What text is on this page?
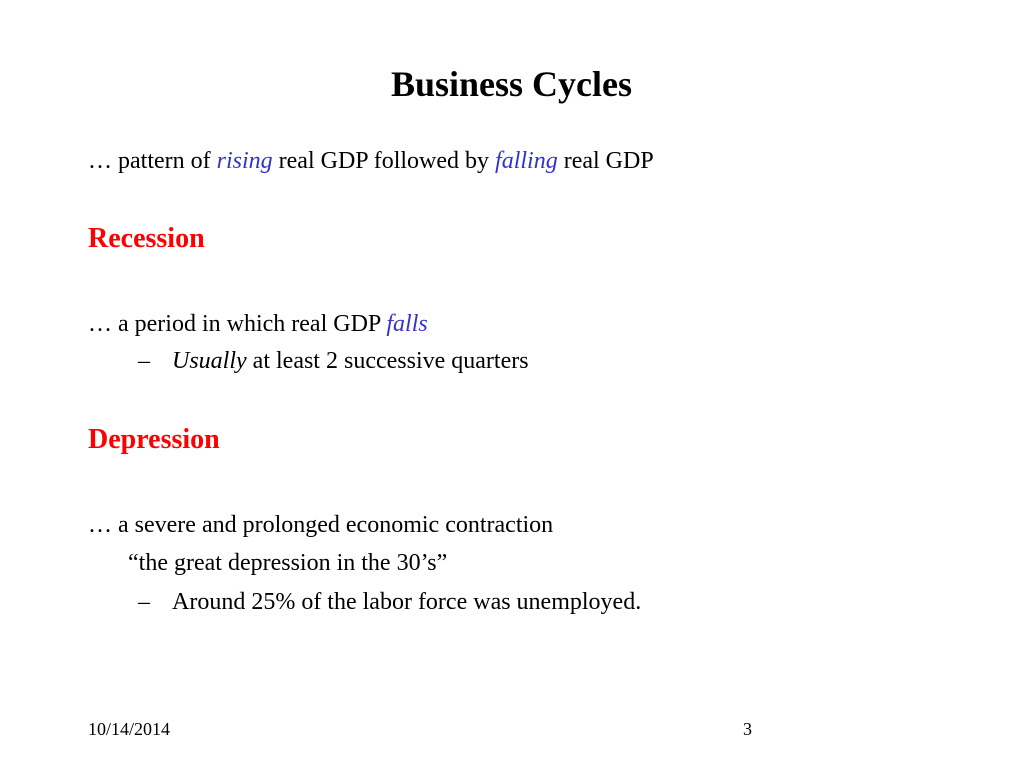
Business Cycles
… pattern of rising real GDP followed by falling real GDP
Recession
… a period in which real GDP falls
– Usually at least 2 successive quarters
Depression
… a severe and prolonged economic contraction
“the great depression in the 30’s”
– Around 25% of the labor force was unemployed.
10/14/2014	3
